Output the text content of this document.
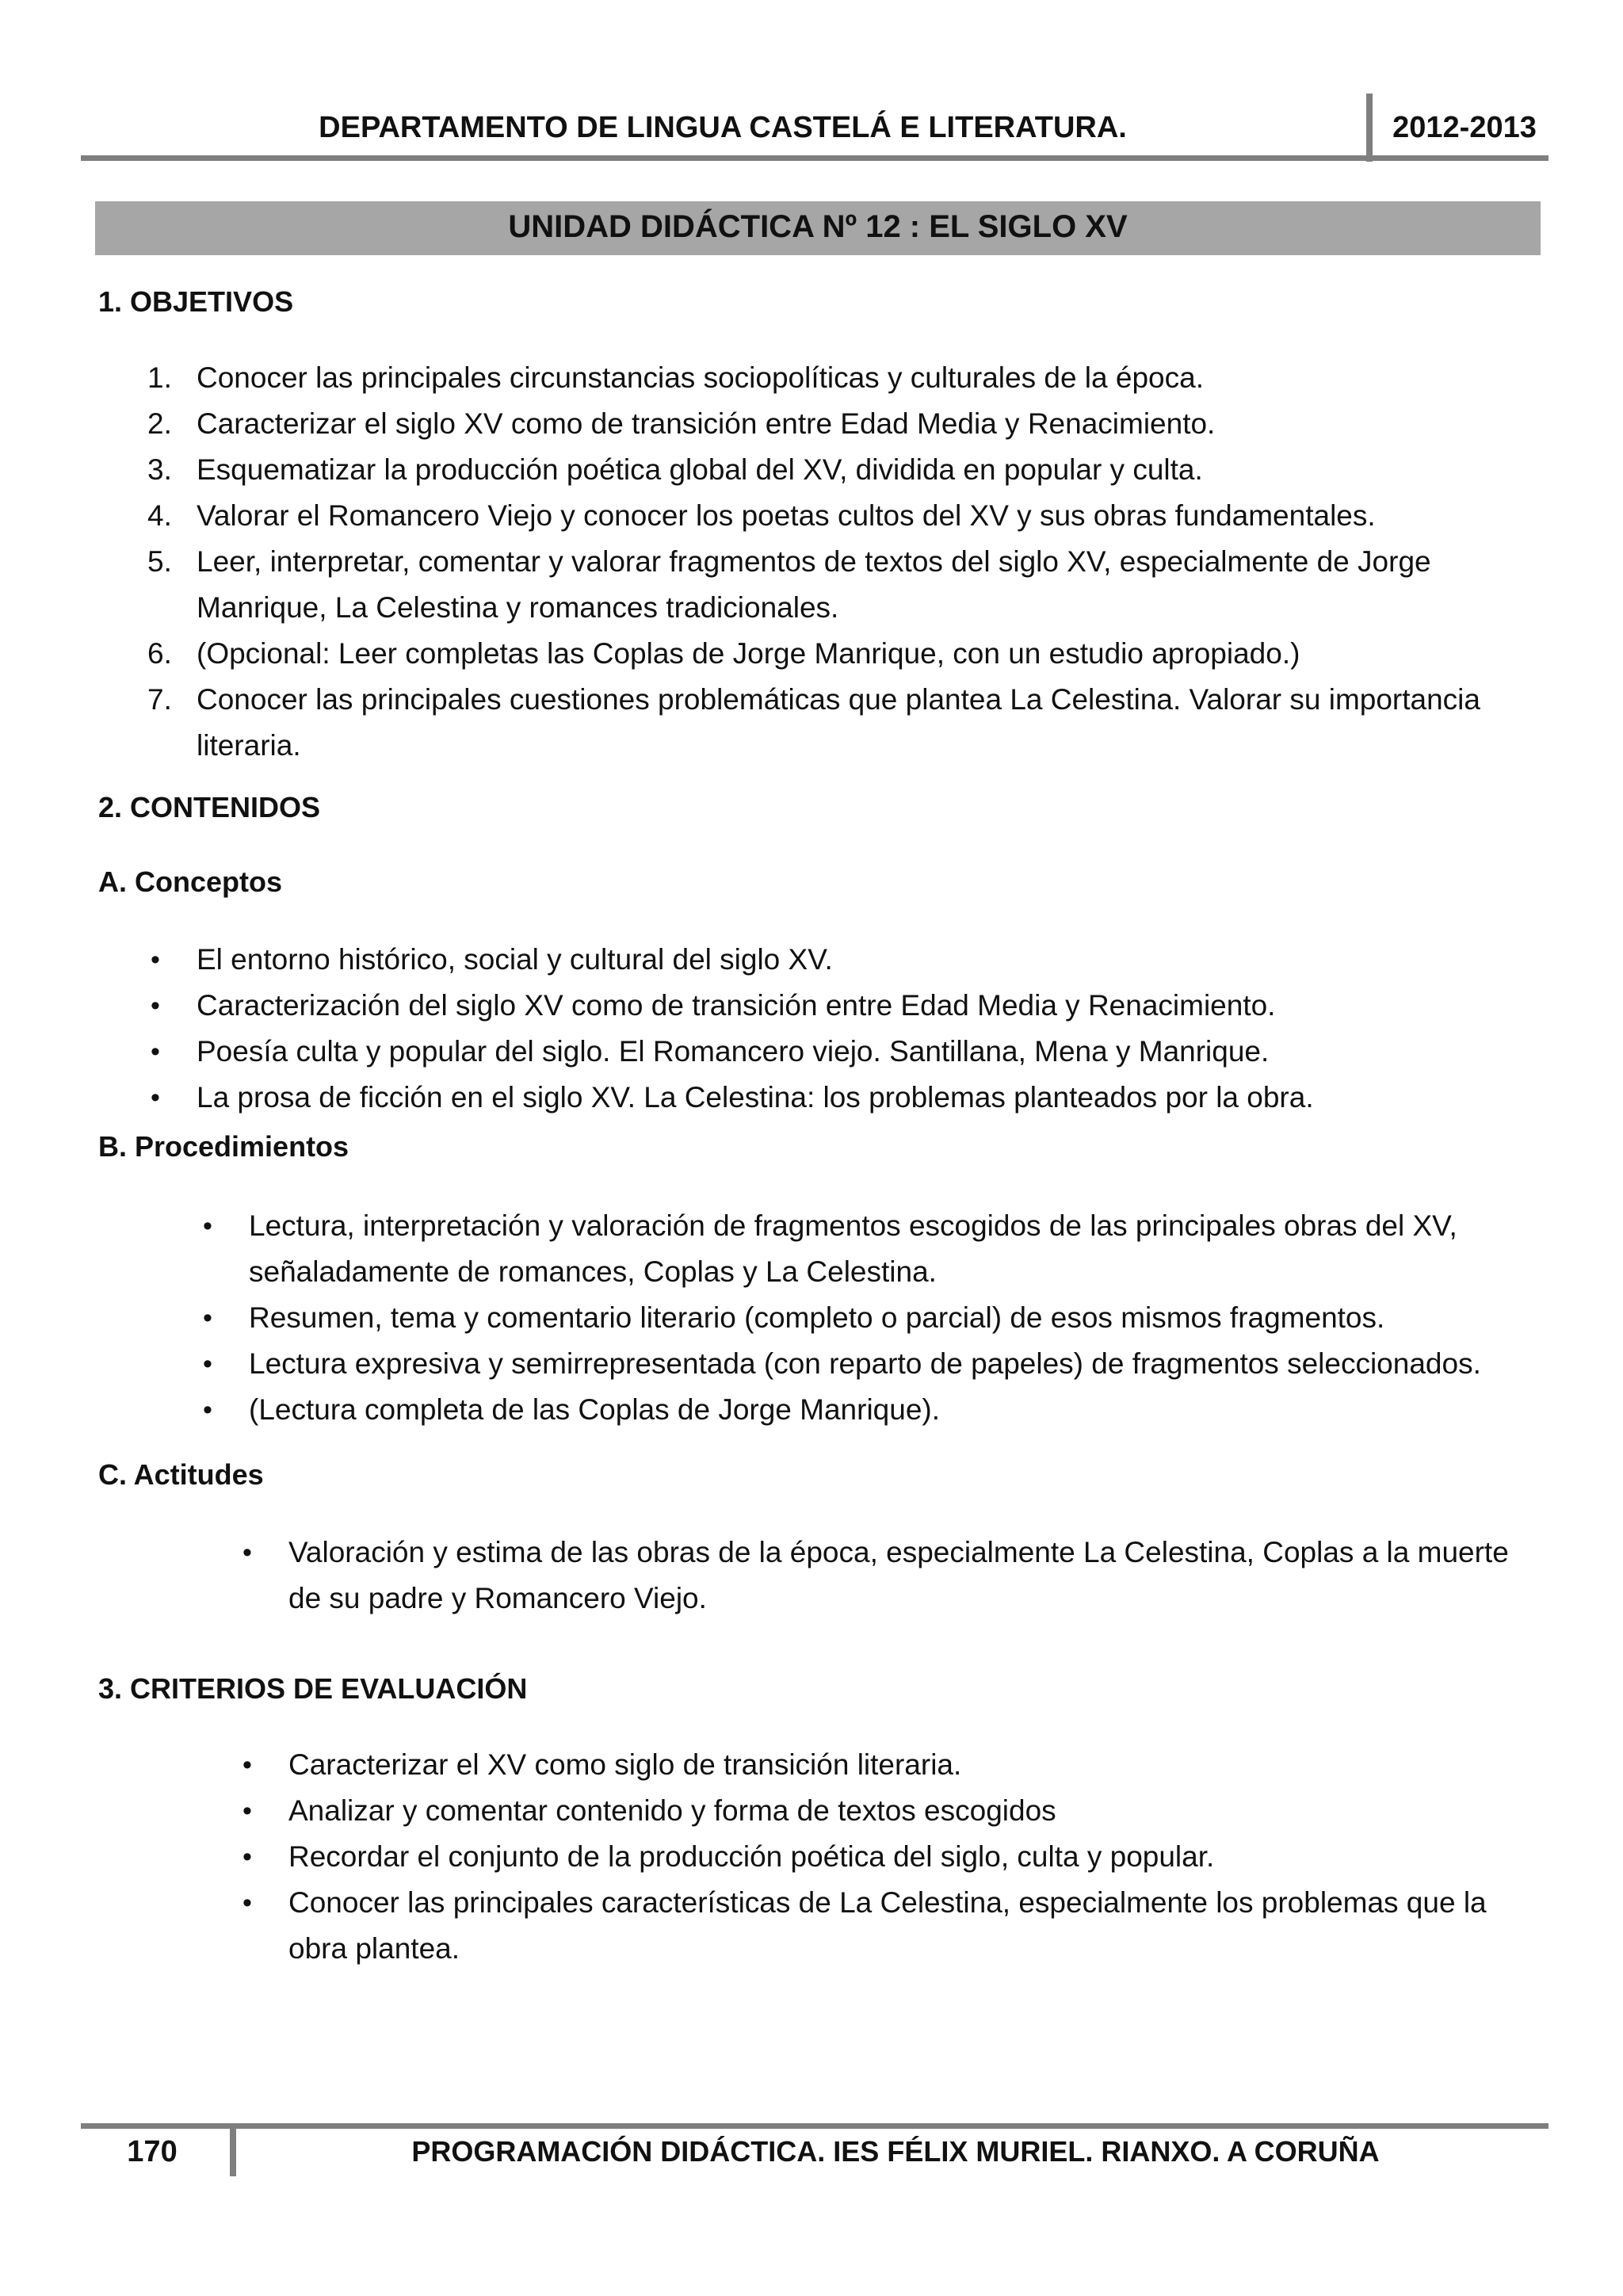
DEPARTAMENTO DE LINGUA CASTELÁ E LITERATURA.	2012-2013
UNIDAD DIDÁCTICA Nº 12 : EL SIGLO XV
1. OBJETIVOS
1. Conocer las principales circunstancias sociopolíticas y culturales de la época.
2. Caracterizar el siglo XV como de transición entre Edad Media y Renacimiento.
3. Esquematizar la producción poética global del XV, dividida en popular y culta.
4. Valorar el Romancero Viejo y conocer los poetas cultos del XV y sus obras fundamentales.
5. Leer, interpretar, comentar y valorar fragmentos de textos del siglo XV, especialmente de Jorge Manrique, La Celestina y romances tradicionales.
6. (Opcional: Leer completas las Coplas de Jorge Manrique, con un estudio apropiado.)
7. Conocer las principales cuestiones problemáticas que plantea La Celestina. Valorar su importancia literaria.
2. CONTENIDOS
A. Conceptos
• El entorno histórico, social y cultural del siglo XV.
• Caracterización del siglo XV como de transición entre Edad Media y Renacimiento.
• Poesía culta y popular del siglo. El Romancero viejo. Santillana, Mena y Manrique.
• La prosa de ficción en el siglo XV. La Celestina: los problemas planteados por la obra.
B. Procedimientos
• Lectura, interpretación y valoración de fragmentos escogidos de las principales obras del XV, señaladamente de romances, Coplas y La Celestina.
• Resumen, tema y comentario literario (completo o parcial) de esos mismos fragmentos.
• Lectura expresiva y semirrepresentada (con reparto de papeles) de fragmentos seleccionados.
• (Lectura completa de las Coplas de Jorge Manrique).
C. Actitudes
• Valoración y estima de las obras de la época, especialmente La Celestina, Coplas a la muerte de su padre y Romancero Viejo.
3. CRITERIOS DE EVALUACIÓN
• Caracterizar el XV como siglo de transición literaria.
• Analizar y comentar contenido y forma de textos escogidos
• Recordar el conjunto de la producción poética del siglo, culta y popular.
• Conocer las principales características de La Celestina, especialmente los problemas que la obra plantea.
170	PROGRAMACIÓN DIDÁCTICA. IES FÉLIX MURIEL. RIANXO. A CORUÑA
